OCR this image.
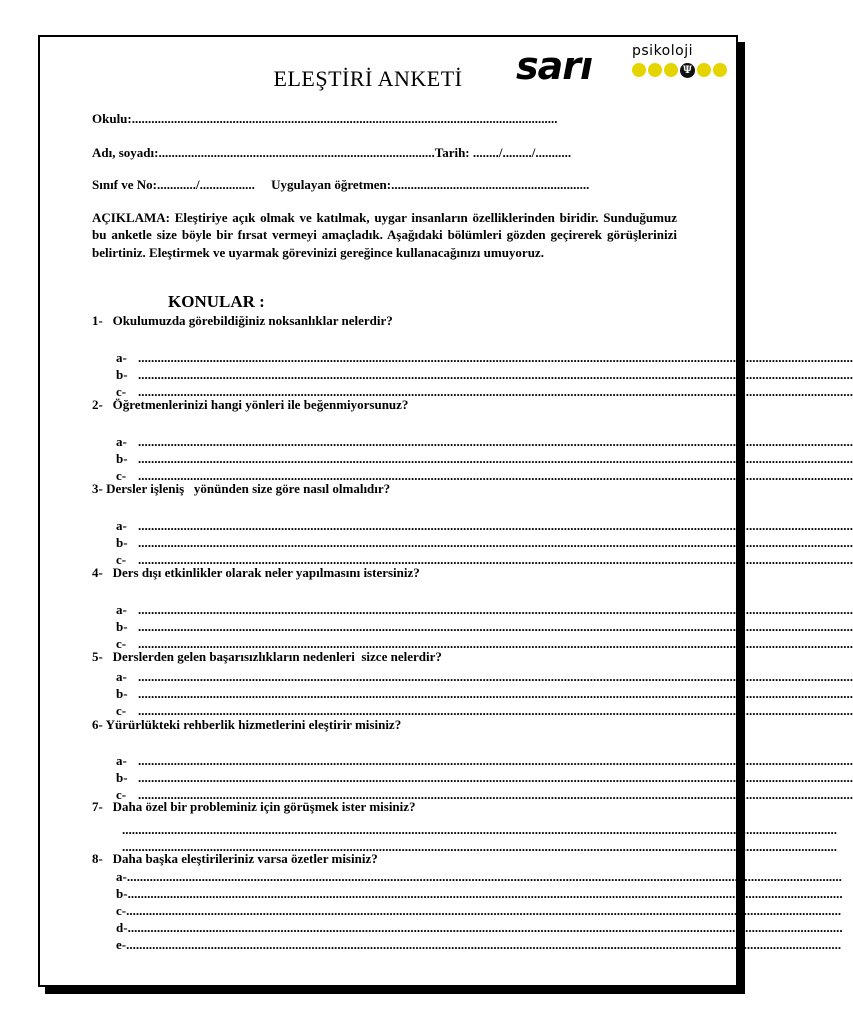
ELEŞTİRİ ANKETİ	sarı	psikoloji
Ψ
Okulu:...................................................................................................................................
Adı, soyadı:.....................................................................................Tarih: ......../........./...........
Sınıf ve No:............/.................     Uygulayan öğretmen:.............................................................
AÇIKLAMA: Eleştiriye açık olmak ve katılmak, uygar insanların özelliklerinden biridir. Sunduğumuz bu anketle size böyle bir fırsat vermeyi amaçladık. Aşağıdaki bölümleri gözden geçirerek görüşlerinizi belirtiniz. Eleştirmek ve uyarmak görevinizi gereğince kullanacağınızı umuyoruz.
KONULAR :
1-   Okulumuzda görebildiğiniz noksanlıklar nelerdir?
a- ............................................................................................................................................................................................................................
b- ............................................................................................................................................................................................................................
c- ............................................................................................................................................................................................................................
2-   Öğretmenlerinizi hangi yönleri ile beğenmiyorsunuz?
a- ............................................................................................................................................................................................................................
b- ............................................................................................................................................................................................................................
c- ............................................................................................................................................................................................................................
3- Dersler işleniş   yönünden size göre nasıl olmalıdır?
a- ............................................................................................................................................................................................................................
b- ............................................................................................................................................................................................................................
c- ............................................................................................................................................................................................................................
4-   Ders dışı etkinlikler olarak neler yapılmasını istersiniz?
a- ............................................................................................................................................................................................................................
b- ............................................................................................................................................................................................................................
c- ............................................................................................................................................................................................................................
5-   Derslerden gelen başarısızlıkların nedenleri  sizce nelerdir?
a- ............................................................................................................................................................................................................................
b- ............................................................................................................................................................................................................................
c- ............................................................................................................................................................................................................................
6- Yürürlükteki rehberlik hizmetlerini eleştirir misiniz?
a- ............................................................................................................................................................................................................................
b- ............................................................................................................................................................................................................................
c- ............................................................................................................................................................................................................................
7-   Daha özel bir probleminiz için görüşmek ister misiniz?
............................................................................................................................................................................................................................
............................................................................................................................................................................................................................
8-   Daha başka eleştirileriniz varsa özetler misiniz?
a-............................................................................................................................................................................................................................
b-............................................................................................................................................................................................................................
c-............................................................................................................................................................................................................................
d-............................................................................................................................................................................................................................
e-............................................................................................................................................................................................................................
